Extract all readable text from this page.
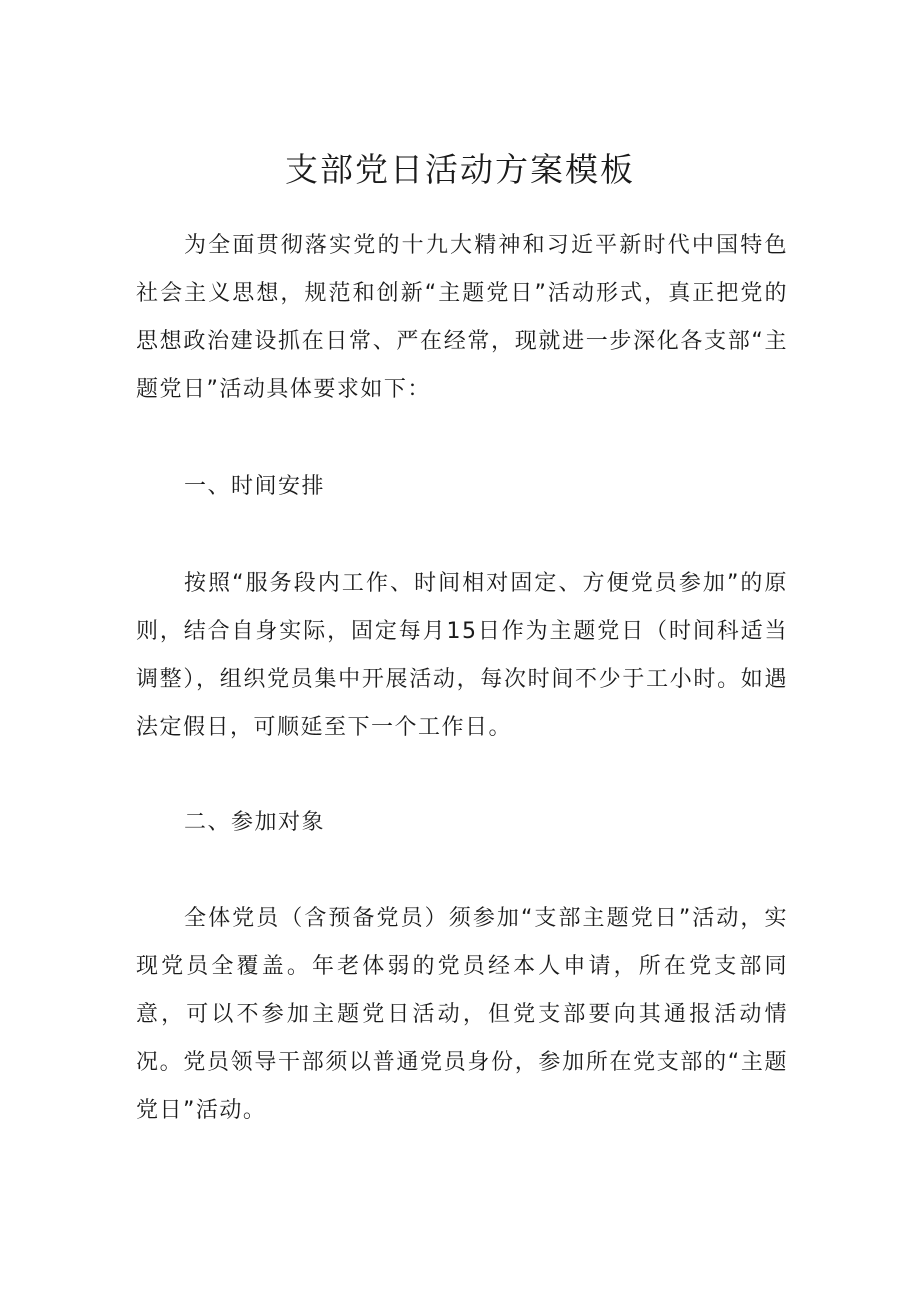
支部党日活动方案模板

为全面贯彻落实党的十九大精神和习近平新时代中国特色社会主义思想，规范和创新“主题党日”活动形式，真正把党的思想政治建设抓在日常、严在经常，现就进一步深化各支部“主题党日”活动具体要求如下：

一、时间安排

按照“服务段内工作、时间相对固定、方便党员参加”的原则，结合自身实际，固定每月15日作为主题党日（时间科适当调整），组织党员集中开展活动，每次时间不少于工小时。如遇法定假日，可顺延至下一个工作日。

二、参加对象

全体党员（含预备党员）须参加“支部主题党日”活动，实现党员全覆盖。年老体弱的党员经本人申请，所在党支部同意，可以不参加主题党日活动，但党支部要向其通报活动情况。党员领导干部须以普通党员身份，参加所在党支部的“主题党日”活动。
